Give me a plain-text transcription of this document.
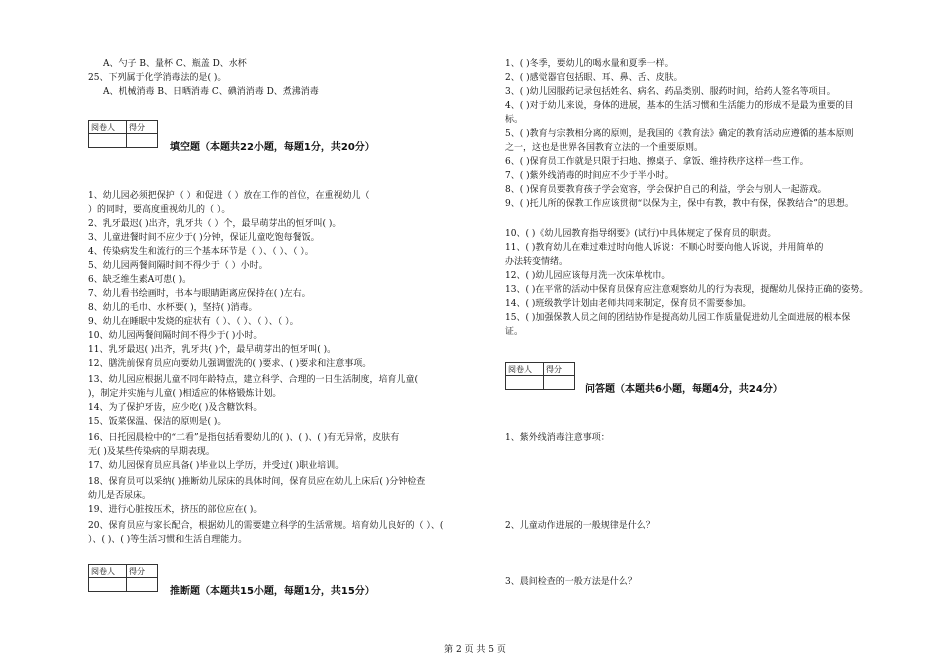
A、勺子 B、量杯 C、瓶盖 D、水杯
25、下列属于化学消毒法的是( )。
A、机械消毒 B、日晒消毒 C、碘消消毒 D、煮沸消毒
阅卷人	得分
填空题（本题共22小题，每题1分，共20分）
1、幼儿园必须把保护（ ）和促进（ ）放在工作的首位，在重视幼儿（
）的同时，要高度重视幼儿的（ ）。
2、乳牙最迟( )出齐，乳牙共（ ）个，最早萌芽出的恒牙叫( )。
3、儿童进餐时间不应少于( )分钟，保证儿童吃饱每餐饭。
4、传染病发生和流行的三个基本环节是（ ）、（ ）、（ ）。
5、幼儿园两餐间隔时间不得少于（ ）小时。
6、缺乏维生素A可患( )。
7、幼儿看书绘画时，书本与眼睛距离应保持在( )左右。
8、幼儿的毛巾、水杯要( )，坚持( )消毒。
9、幼儿在睡眠中发烧的症状有（ ）、（ ）、（ ）、（ ）。
10、幼儿园两餐间隔时间不得少于( )小时。
11、乳牙最迟( )出齐，乳牙共( )个，最早萌芽出的恒牙叫( )。
12、膳洗前保育员应向要幼儿强调盥洗的( )要求、( )要求和注意事项。
13、幼儿园应根据儿童不同年龄特点，建立科学、合理的一日生活制度，培育儿童(
)，制定并实施与儿童( )相适应的体格锻炼计划。
14、为了保护牙齿，应少吃( )及含糖饮料。
15、饭菜保温、保洁的原则是( )。
16、日托园晨检中的“二看”是指包括看婴幼儿的( )、( )、( )有无异常，皮肤有
无( )及某些传染病的早期表现。
17、幼儿园保育员应具备( )毕业以上学历，并受过( )职业培训。
18、保育员可以采纳( )推断幼儿尿床的具体时间，保育员应在幼儿上床后( )分钟检查
幼儿是否尿床。
19、进行心脏按压术，挤压的部位应在( )。
20、保育员应与家长配合，根据幼儿的需要建立科学的生活常规。培育幼儿良好的（ ）、(
）、( )、( )等生活习惯和生活自理能力。
阅卷人	得分
推断题（本题共15小题，每题1分，共15分）
1、( )冬季，要幼儿的喝水量和夏季一样。
2、( )感觉器官包括眼、耳、鼻、舌、皮肤。
3、( )幼儿园服药记录包括姓名、病名、药品类别、服药时间，给药人签名等项目。
4、( )对于幼儿来说，身体的进展，基本的生活习惯和生活能力的形成不是最为重要的目
标。
5、( )教育与宗教相分离的原则，是我国的《教育法》确定的教育活动应遵循的基本原则
之一，这也是世界各国教育立法的一个重要原则。
6、( )保育员工作就是只限于扫地、擦桌子、拿饭、维持秩序这样一些工作。
7、( )紫外线消毒的时间应不少于半小时。
8、( )保育员要教育孩子学会宽容，学会保护自己的利益，学会与别人一起游戏。
9、( )托儿所的保教工作应该贯彻“以保为主，保中有教，教中有保，保教结合”的思想。
10、( )《幼儿园教育指导纲要》(试行)中具体规定了保育员的职责。
11、( )教育幼儿在难过难过时向他人诉说：不顺心时要向他人诉说，并用简单的
办法转变情绪。
12、( )幼儿园应该每月洗一次床单枕巾。
13、( )在平常的活动中保育员保育应注意观察幼儿的行为表现，提醒幼儿保持正确的姿势。
14、( )班级教学计划由老师共同来制定，保育员不需要参加。
15、( )加强保教人员之间的团结协作是提高幼儿园工作质量促进幼儿全面进展的根本保
证。
阅卷人	得分
问答题（本题共6小题，每题4分，共24分）
1、紫外线消毒注意事项：
2、儿童动作进展的一般规律是什么？
3、晨间检查的一般方法是什么？
第 2 页 共 5 页
